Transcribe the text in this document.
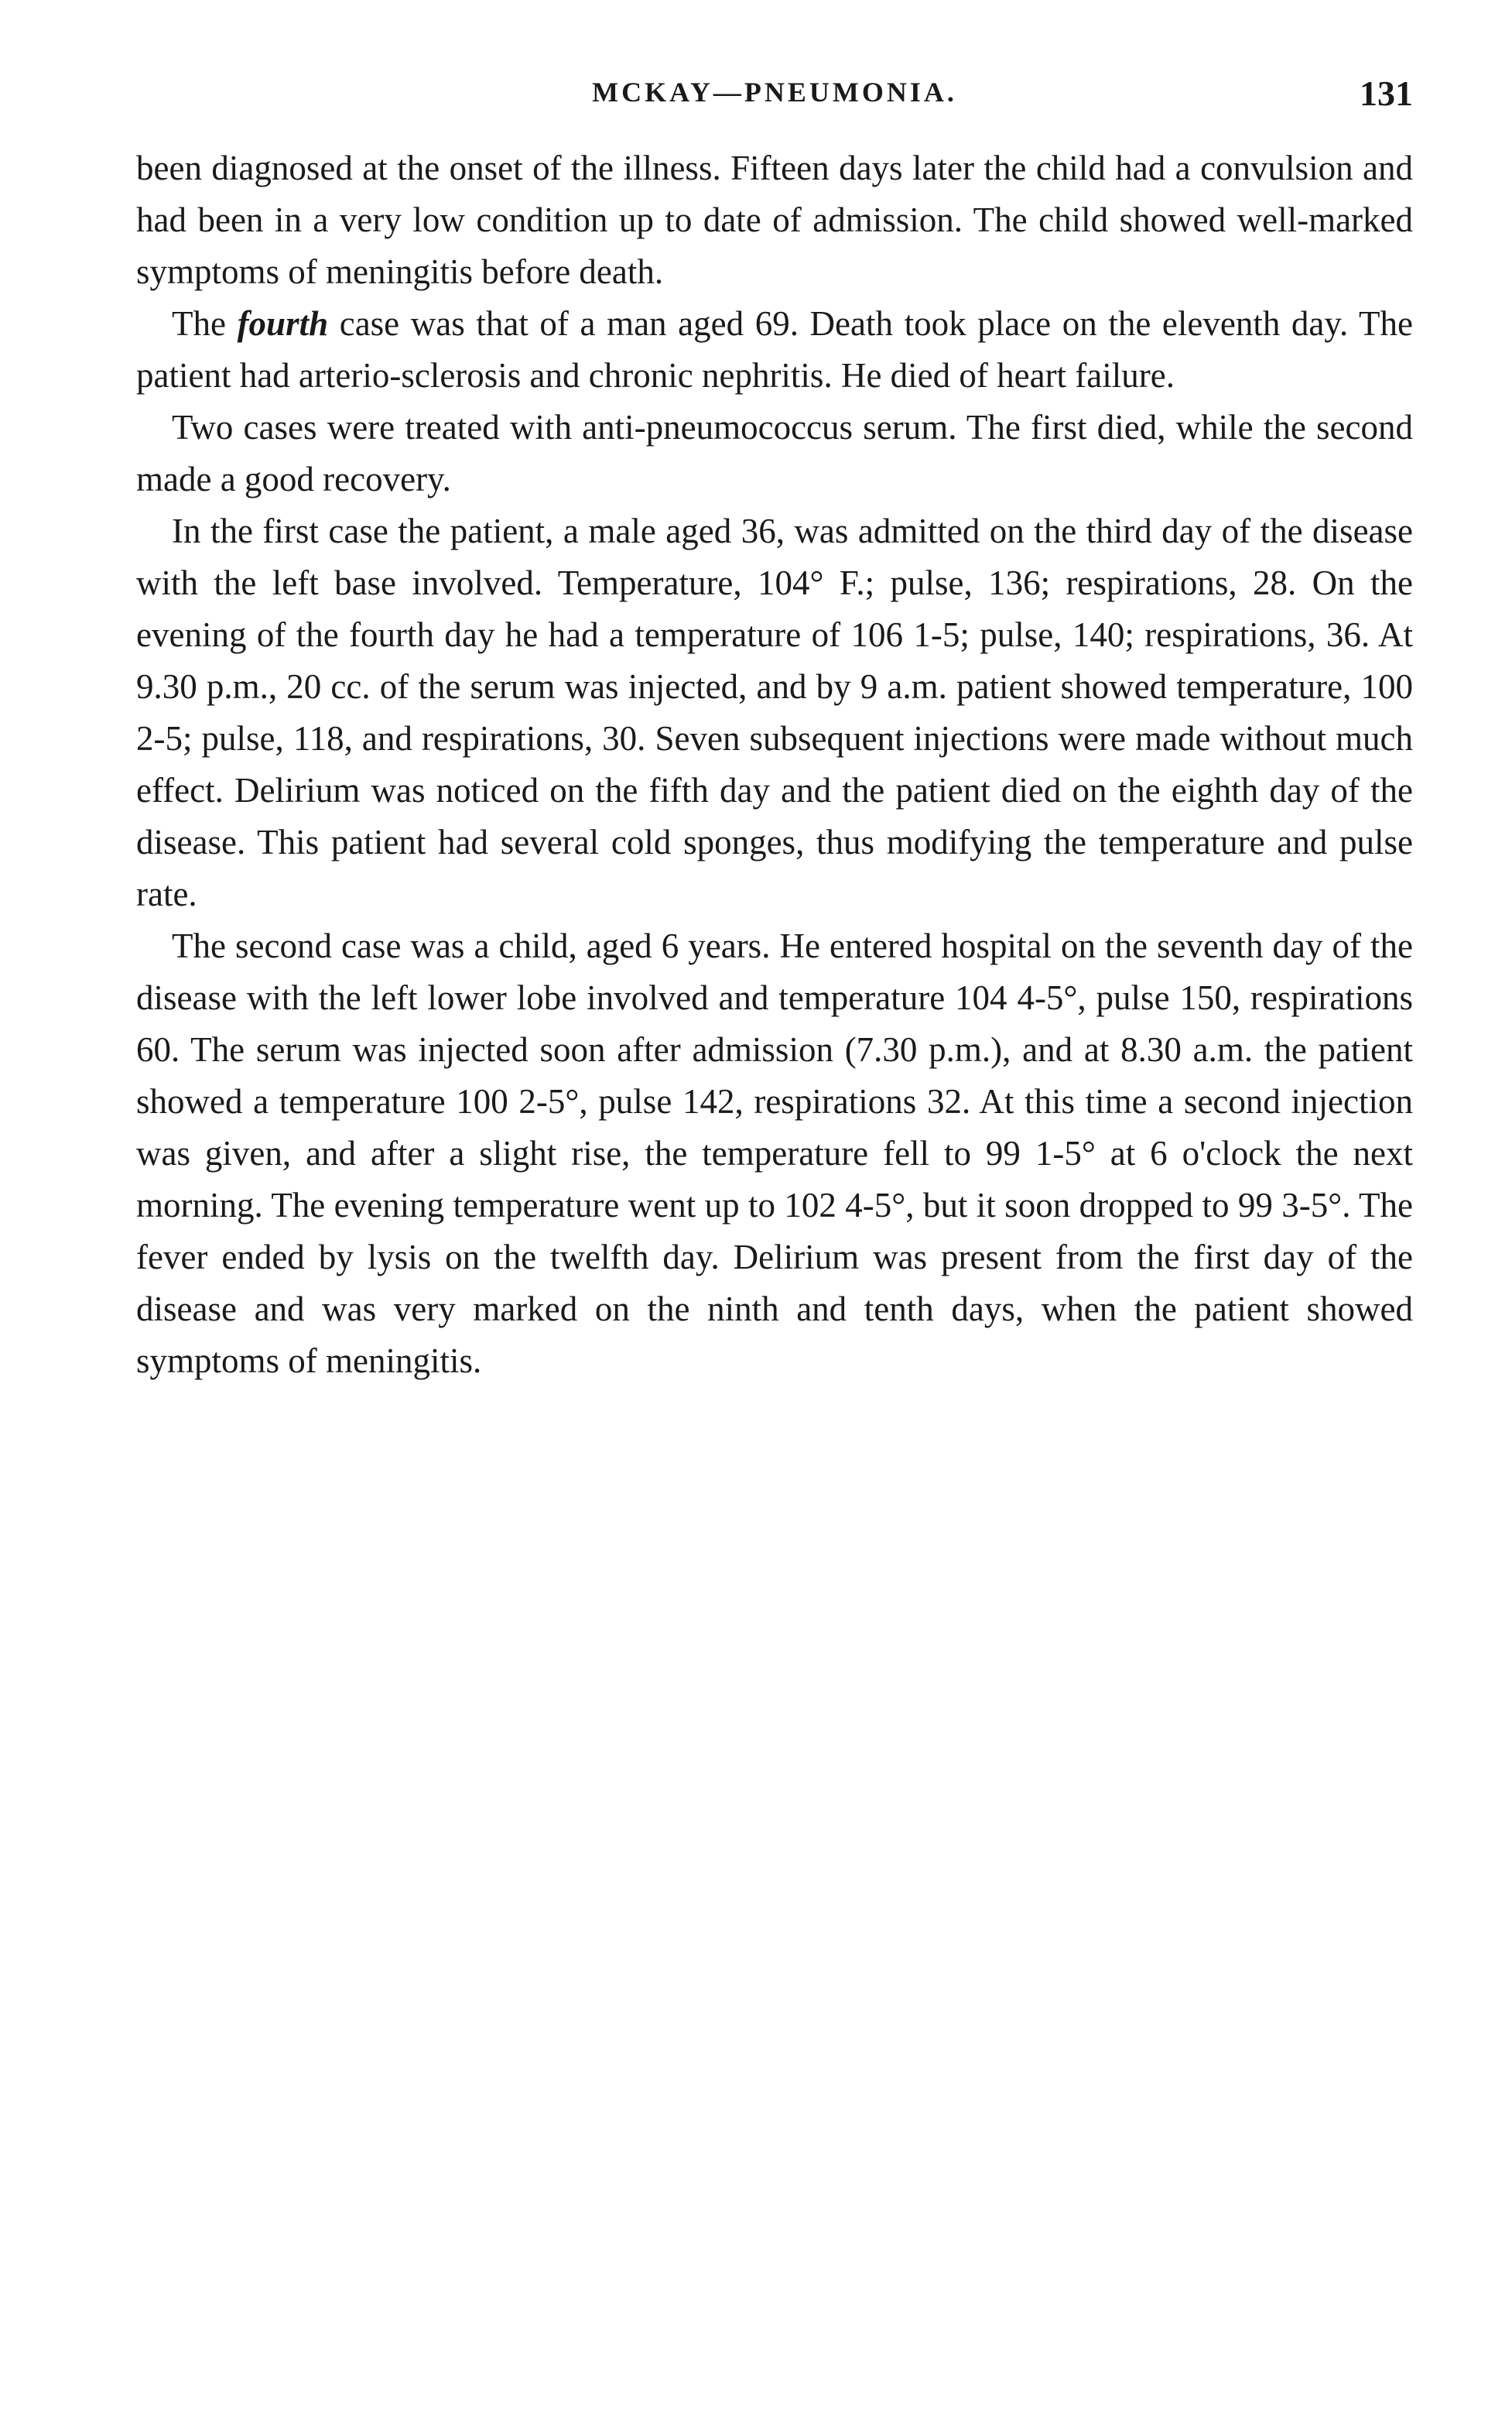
MCKAY—PNEUMONIA.	131

been diagnosed at the onset of the illness. Fifteen days later the child had a convulsion and had been in a very low condition up to date of admission. The child showed well-marked symptoms of meningitis before death.

The fourth case was that of a man aged 69. Death took place on the eleventh day. The patient had arterio-sclerosis and chronic nephritis. He died of heart failure.

Two cases were treated with anti-pneumococcus serum. The first died, while the second made a good recovery.

In the first case the patient, a male aged 36, was admitted on the third day of the disease with the left base involved. Temperature, 104° F.; pulse, 136; respirations, 28. On the evening of the fourth day he had a temperature of 106 1-5; pulse, 140; respirations, 36. At 9.30 p.m., 20 cc. of the serum was injected, and by 9 a.m. patient showed temperature, 100 2-5; pulse, 118, and respirations, 30. Seven subsequent injections were made without much effect. Delirium was noticed on the fifth day and the patient died on the eighth day of the disease. This patient had several cold sponges, thus modifying the temperature and pulse rate.

The second case was a child, aged 6 years. He entered hospital on the seventh day of the disease with the left lower lobe involved and temperature 104 4-5°, pulse 150, respirations 60. The serum was injected soon after admission (7.30 p.m.), and at 8.30 a.m. the patient showed a temperature 100 2-5°, pulse 142, respirations 32. At this time a second injection was given, and after a slight rise, the temperature fell to 99 1-5° at 6 o'clock the next morning. The evening temperature went up to 102 4-5°, but it soon dropped to 99 3-5°. The fever ended by lysis on the twelfth day. Delirium was present from the first day of the disease and was very marked on the ninth and tenth days, when the patient showed symptoms of meningitis.
